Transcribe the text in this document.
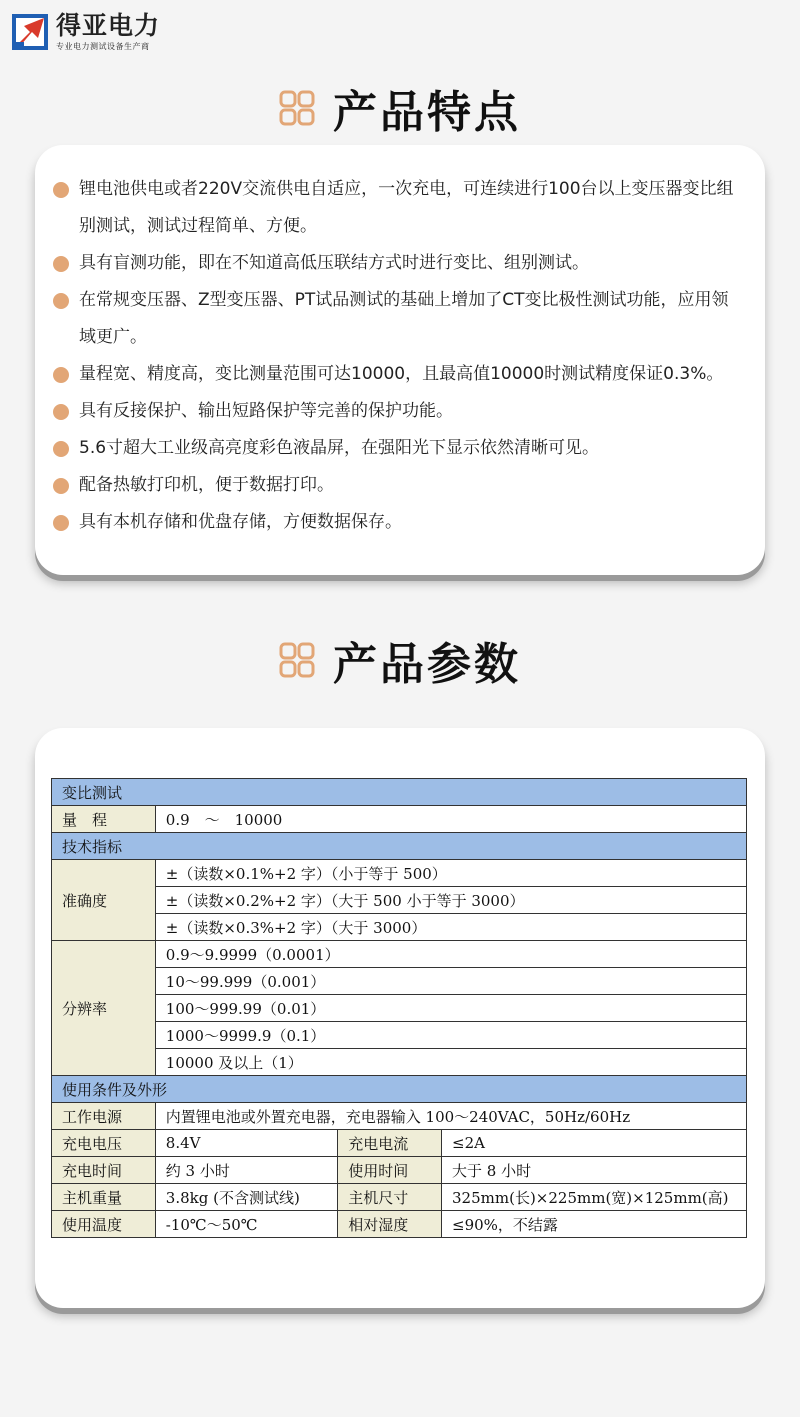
得亚电力
专业电力测试设备生产商
产品特点
锂电池供电或者220V交流供电自适应，一次充电，可连续进行100台以上变压器变比组别测试，测试过程简单、方便。
具有盲测功能，即在不知道高低压联结方式时进行变比、组别测试。
在常规变压器、Z型变压器、PT试品测试的基础上增加了CT变比极性测试功能，应用领域更广。
量程宽、精度高，变比测量范围可达10000，且最高值10000时测试精度保证0.3%。
具有反接保护、输出短路保护等完善的保护功能。
5.6寸超大工业级高亮度彩色液晶屏，在强阳光下显示依然清晰可见。
配备热敏打印机，便于数据打印。
具有本机存储和优盘存储，方便数据保存。
产品参数
变比测试			
量　程	0.9　～　10000		
技术指标			
准确度	±（读数×0.1%+2 字）（小于等于 500）		
	±（读数×0.2%+2 字）（大于 500 小于等于 3000）		
	±（读数×0.3%+2 字）（大于 3000）		
分辨率	0.9～9.9999（0.0001）		
	10～99.999（0.001）		
	100～999.99（0.01）		
	1000～9999.9（0.1）		
	10000 及以上（1）		
使用条件及外形			
工作电源	内置锂电池或外置充电器，充电器输入 100～240VAC，50Hz/60Hz		
充电电压	8.4V	充电电流	≤2A
充电时间	约 3 小时	使用时间	大于 8 小时
主机重量	3.8kg (不含测试线)	主机尺寸	325mm(长)×225mm(宽)×125mm(高)
使用温度	-10℃～50℃	相对湿度	≤90%，不结露
